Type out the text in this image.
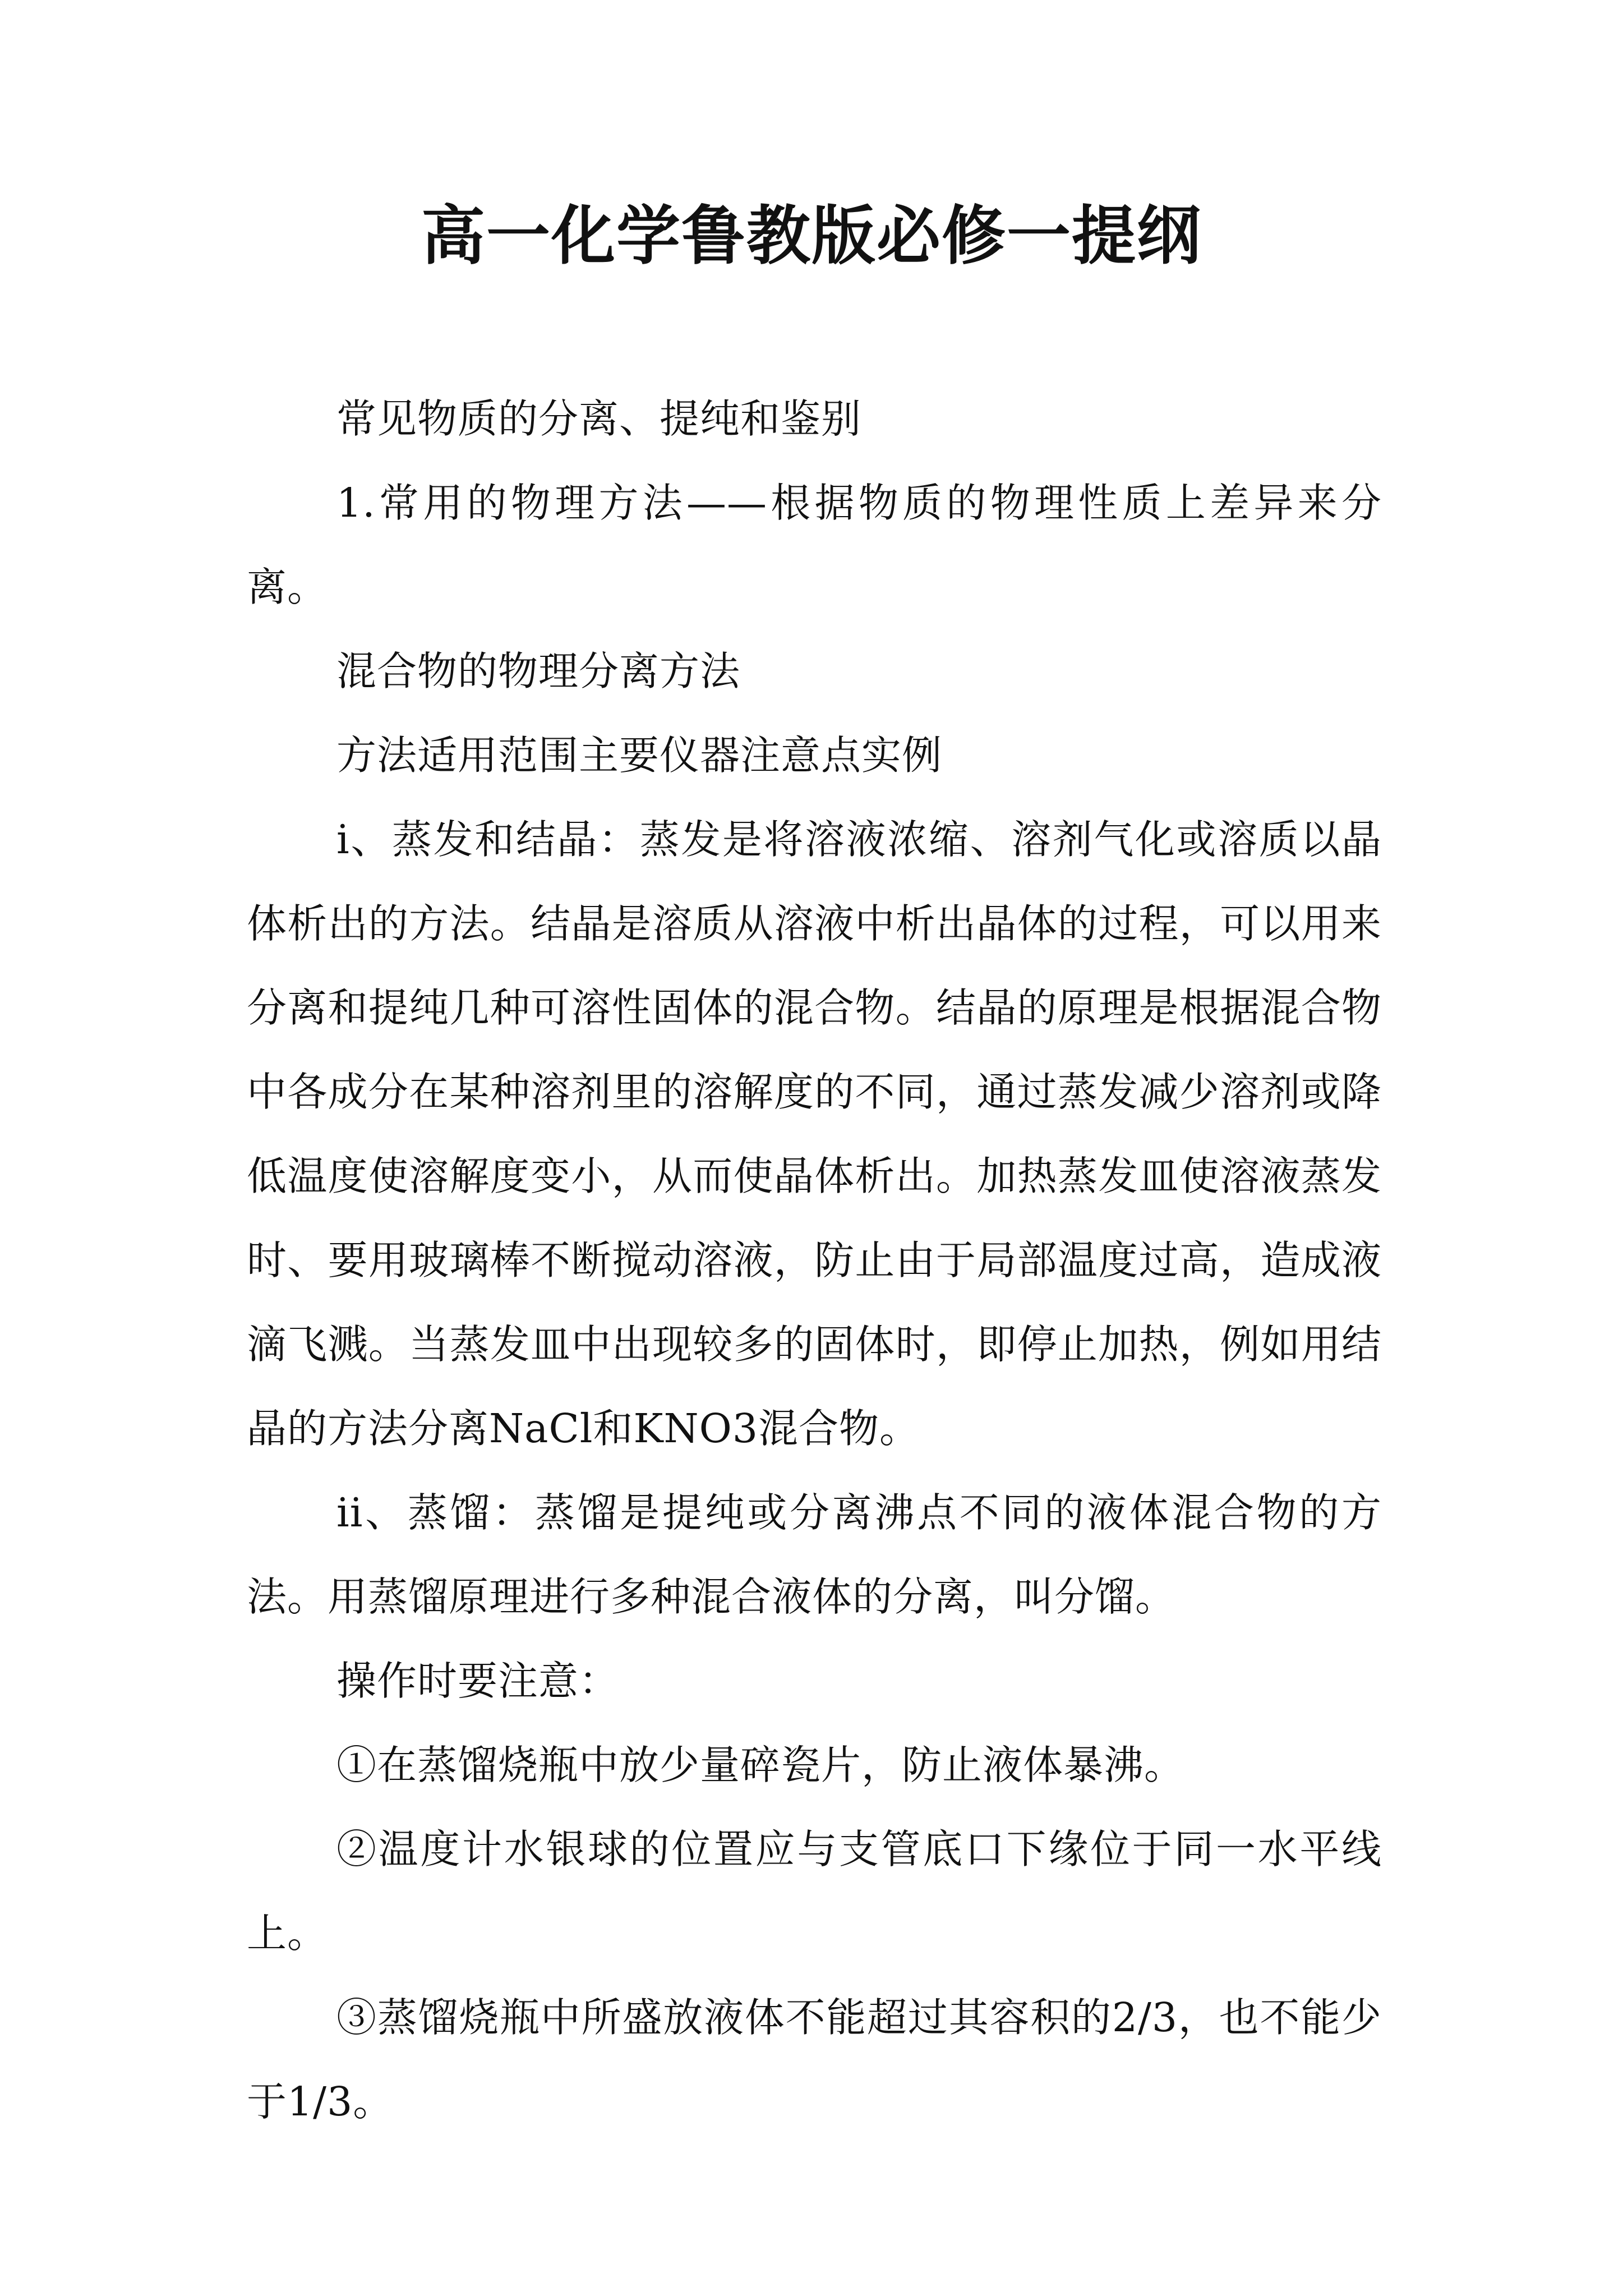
高一化学鲁教版必修一提纲

常见物质的分离、提纯和鉴别

1.常用的物理方法——根据物质的物理性质上差异来分离。

混合物的物理分离方法

方法适用范围主要仪器注意点实例

i、蒸发和结晶：蒸发是将溶液浓缩、溶剂气化或溶质以晶体析出的方法。结晶是溶质从溶液中析出晶体的过程，可以用来分离和提纯几种可溶性固体的混合物。结晶的原理是根据混合物中各成分在某种溶剂里的溶解度的不同，通过蒸发减少溶剂或降低温度使溶解度变小，从而使晶体析出。加热蒸发皿使溶液蒸发时、要用玻璃棒不断搅动溶液，防止由于局部温度过高，造成液滴飞溅。当蒸发皿中出现较多的固体时，即停止加热，例如用结晶的方法分离NaCl和KNO3混合物。

ii、蒸馏：蒸馏是提纯或分离沸点不同的液体混合物的方法。用蒸馏原理进行多种混合液体的分离，叫分馏。

操作时要注意：

①在蒸馏烧瓶中放少量碎瓷片，防止液体暴沸。

②温度计水银球的位置应与支管底口下缘位于同一水平线上。

③蒸馏烧瓶中所盛放液体不能超过其容积的2/3，也不能少于1/3。
